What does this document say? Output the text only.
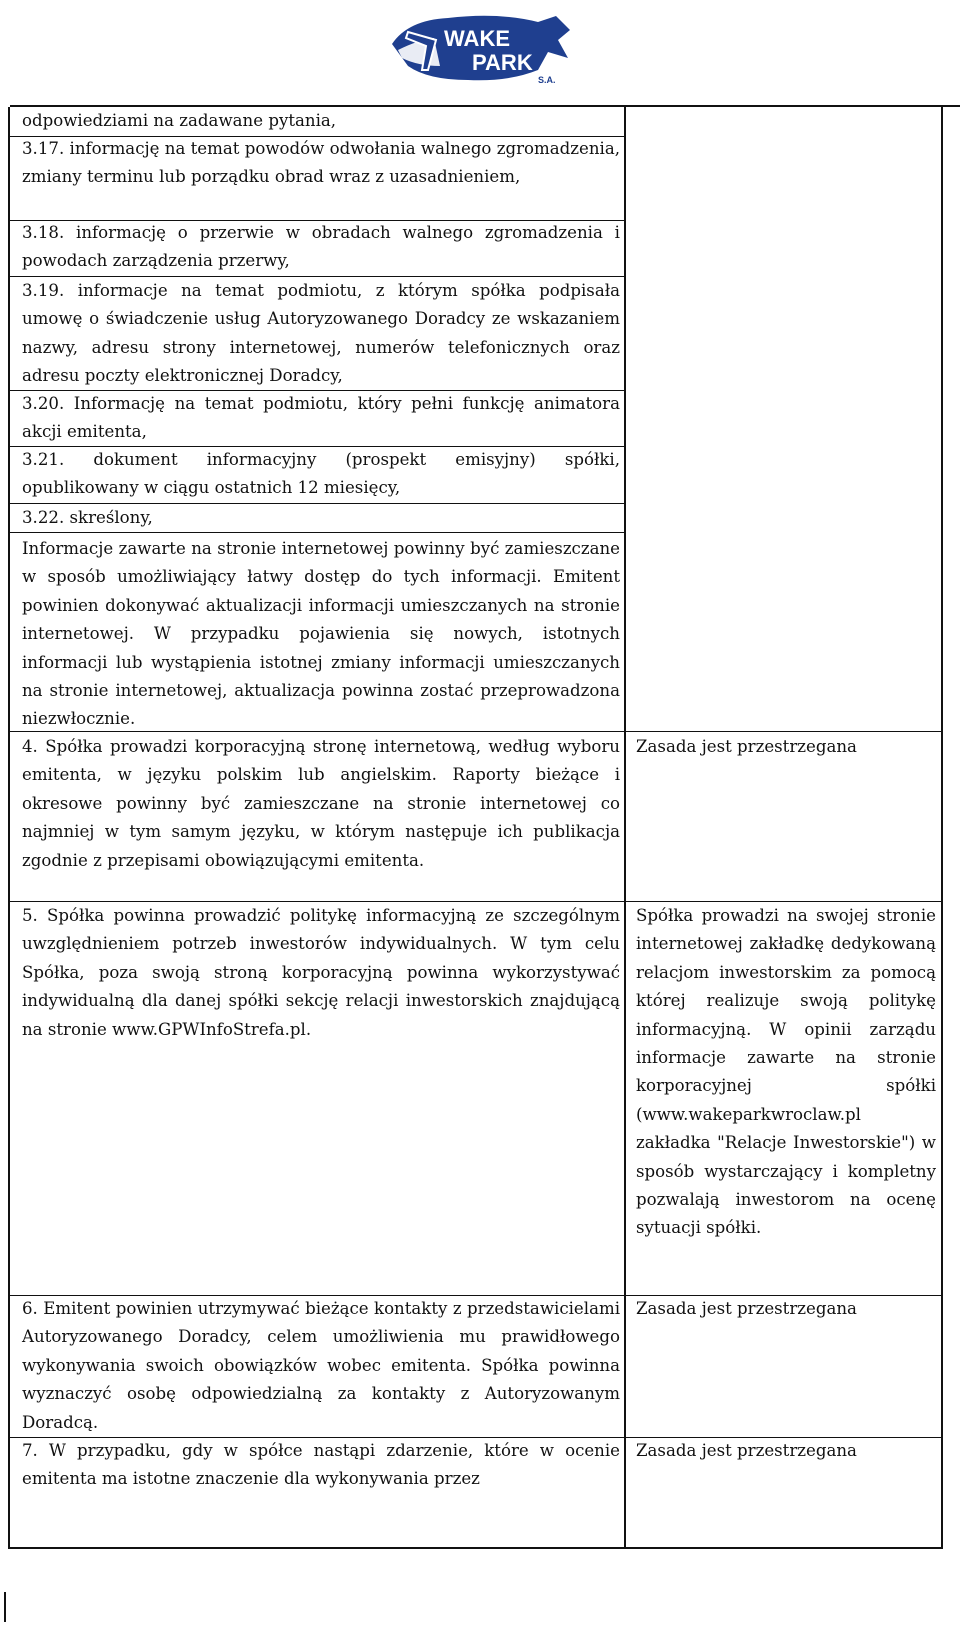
WAKE
PARK
S.A.

odpowiedziami na zadawane pytania,

3.17. informację na temat powodów odwołania walnego zgromadzenia, zmiany terminu lub porządku obrad wraz z uzasadnieniem,

3.18. informację o przerwie w obradach walnego zgromadzenia i powodach zarządzenia przerwy,

3.19. informacje na temat podmiotu, z którym spółka podpisała umowę o świadczenie usług Autoryzowanego Doradcy ze wskazaniem nazwy, adresu strony internetowej, numerów telefonicznych oraz adresu poczty elektronicznej Doradcy,

3.20. Informację na temat podmiotu, który pełni funkcję animatora akcji emitenta,

3.21. dokument informacyjny (prospekt emisyjny) spółki, opublikowany w ciągu ostatnich 12 miesięcy,

3.22. skreślony,

Informacje zawarte na stronie internetowej powinny być zamieszczane w sposób umożliwiający łatwy dostęp do tych informacji. Emitent powinien dokonywać aktualizacji informacji umieszczanych na stronie internetowej. W przypadku pojawienia się nowych, istotnych informacji lub wystąpienia istotnej zmiany informacji umieszczanych na stronie internetowej, aktualizacja powinna zostać przeprowadzona niezwłocznie.

4. Spółka prowadzi korporacyjną stronę internetową, według wyboru emitenta, w języku polskim lub angielskim. Raporty bieżące i okresowe powinny być zamieszczane na stronie internetowej co najmniej w tym samym języku, w którym następuje ich publikacja zgodnie z przepisami obowiązującymi emitenta.

Zasada jest przestrzegana

5. Spółka powinna prowadzić politykę informacyjną ze szczególnym uwzględnieniem potrzeb inwestorów indywidualnych. W tym celu Spółka, poza swoją stroną korporacyjną powinna wykorzystywać indywidualną dla danej spółki sekcję relacji inwestorskich znajdującą na stronie www.GPWInfoStrefa.pl.

Spółka prowadzi na swojej stronie internetowej zakładkę dedykowaną relacjom inwestorskim za pomocą której realizuje swoją politykę informacyjną. W opinii zarządu informacje zawarte na stronie korporacyjnej spółki (www.wakeparkwroclaw.pl zakładka "Relacje Inwestorskie") w sposób wystarczający i kompletny pozwalają inwestorom na ocenę sytuacji spółki.

6. Emitent powinien utrzymywać bieżące kontakty z przedstawicielami Autoryzowanego Doradcy, celem umożliwienia mu prawidłowego wykonywania swoich obowiązków wobec emitenta. Spółka powinna wyznaczyć osobę odpowiedzialną za kontakty z Autoryzowanym Doradcą.

Zasada jest przestrzegana

7. W przypadku, gdy w spółce nastąpi zdarzenie, które w ocenie emitenta ma istotne znaczenie dla wykonywania przez

Zasada jest przestrzegana
